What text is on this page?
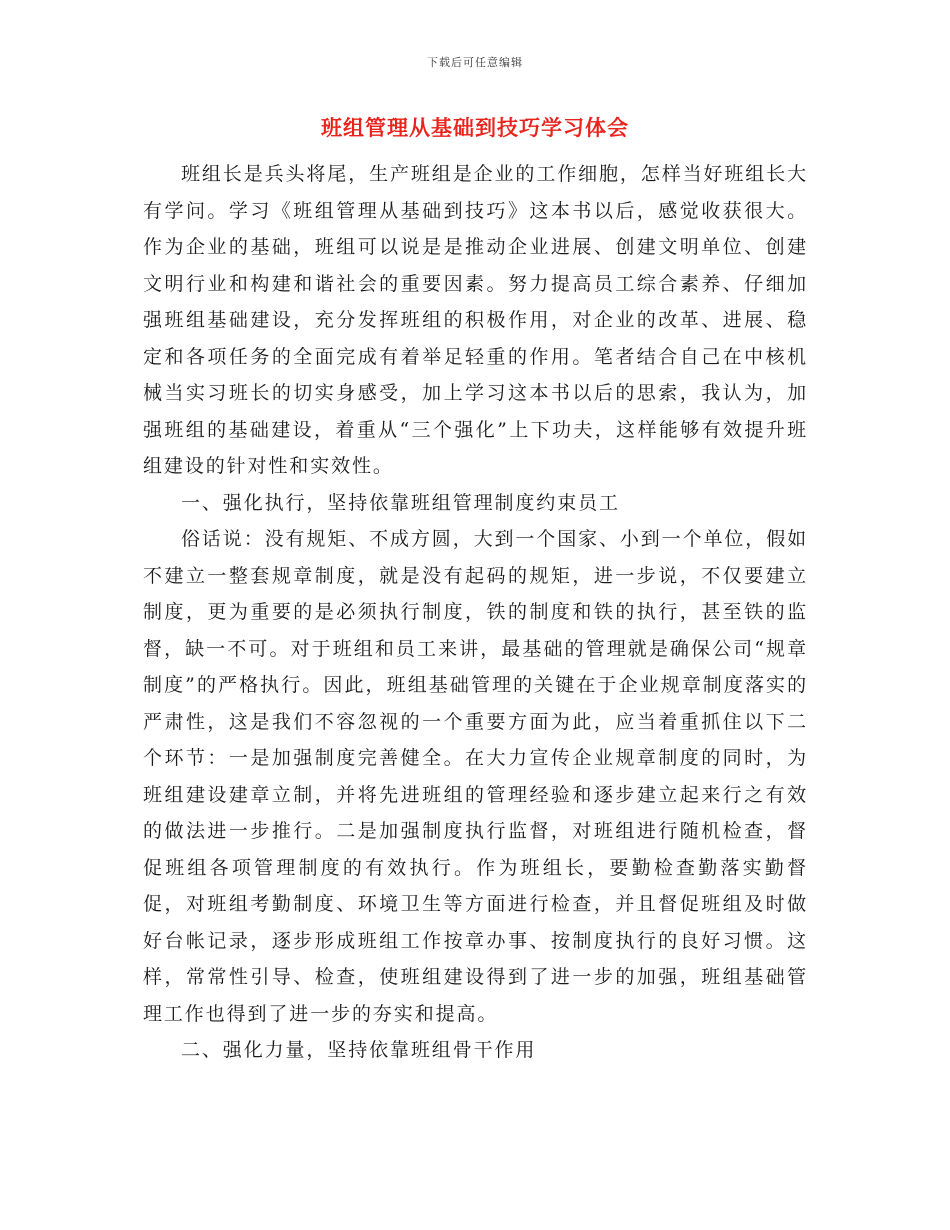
下载后可任意编辑
班组管理从基础到技巧学习体会

班组长是兵头将尾，生产班组是企业的工作细胞，怎样当好班组长大有学问。学习《班组管理从基础到技巧》这本书以后，感觉收获很大。作为企业的基础，班组可以说是是推动企业进展、创建文明单位、创建文明行业和构建和谐社会的重要因素。努力提高员工综合素养、仔细加强班组基础建设，充分发挥班组的积极作用，对企业的改革、进展、稳定和各项任务的全面完成有着举足轻重的作用。笔者结合自己在中核机械当实习班长的切实身感受，加上学习这本书以后的思索，我认为，加强班组的基础建设，着重从“三个强化”上下功夫，这样能够有效提升班组建设的针对性和实效性。

一、强化执行，坚持依靠班组管理制度约束员工

俗话说：没有规矩、不成方圆，大到一个国家、小到一个单位，假如不建立一整套规章制度，就是没有起码的规矩，进一步说，不仅要建立制度，更为重要的是必须执行制度，铁的制度和铁的执行，甚至铁的监督，缺一不可。对于班组和员工来讲，最基础的管理就是确保公司“规章制度”的严格执行。因此，班组基础管理的关键在于企业规章制度落实的严肃性，这是我们不容忽视的一个重要方面为此，应当着重抓住以下二个环节：一是加强制度完善健全。在大力宣传企业规章制度的同时，为班组建设建章立制，并将先进班组的管理经验和逐步建立起来行之有效的做法进一步推行。二是加强制度执行监督，对班组进行随机检查，督促班组各项管理制度的有效执行。作为班组长，要勤检查勤落实勤督促，对班组考勤制度、环境卫生等方面进行检查，并且督促班组及时做好台帐记录，逐步形成班组工作按章办事、按制度执行的良好习惯。这样，常常性引导、检查，使班组建设得到了进一步的加强，班组基础管理工作也得到了进一步的夯实和提高。

二、强化力量，坚持依靠班组骨干作用
